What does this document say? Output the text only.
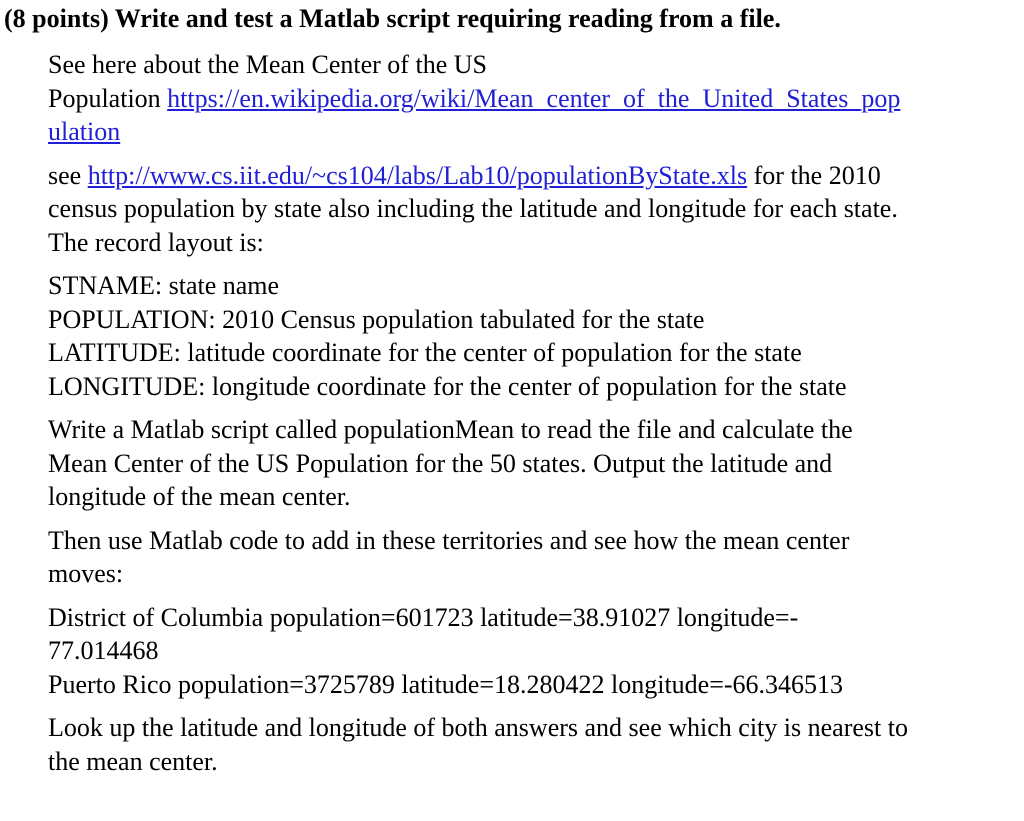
(8 points) Write and test a Matlab script requiring reading from a file.
See here about the Mean Center of the US
Population https://en.wikipedia.org/wiki/Mean_center_of_the_United_States_pop
ulation
see http://www.cs.iit.edu/~cs104/labs/Lab10/populationByState.xls for the 2010
census population by state also including the latitude and longitude for each state.
The record layout is:
STNAME: state name
POPULATION: 2010 Census population tabulated for the state
LATITUDE: latitude coordinate for the center of population for the state
LONGITUDE: longitude coordinate for the center of population for the state
Write a Matlab script called populationMean to read the file and calculate the
Mean Center of the US Population for the 50 states. Output the latitude and
longitude of the mean center.
Then use Matlab code to add in these territories and see how the mean center
moves:
District of Columbia population=601723 latitude=38.91027 longitude=-
77.014468
Puerto Rico population=3725789 latitude=18.280422 longitude=-66.346513
Look up the latitude and longitude of both answers and see which city is nearest to
the mean center.
